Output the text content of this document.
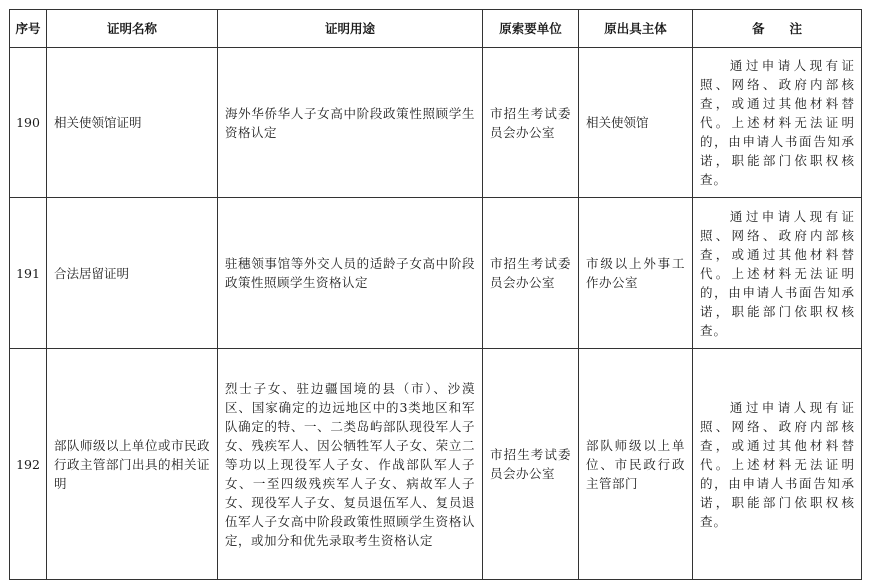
序号	证明名称	证明用途	原索要单位	原出具主体	备　　注
190	相关使领馆证明	海外华侨华人子女高中阶段政策性照顾学生资格认定	市招生考试委员会办公室	相关使领馆	通过申请人现有证照、网络、政府内部核查，或通过其他材料替代。上述材料无法证明的，由申请人书面告知承诺，职能部门依职权核查。
191	合法居留证明	驻穗领事馆等外交人员的适龄子女高中阶段政策性照顾学生资格认定	市招生考试委员会办公室	市级以上外事工作办公室	通过申请人现有证照、网络、政府内部核查，或通过其他材料替代。上述材料无法证明的，由申请人书面告知承诺，职能部门依职权核查。
192	部队师级以上单位或市民政行政主管部门出具的相关证明	烈士子女、驻边疆国境的县（市）、沙漠区、国家确定的边远地区中的3类地区和军队确定的特、一、二类岛屿部队现役军人子女、残疾军人、因公牺牲军人子女、荣立二等功以上现役军人子女、作战部队军人子女、一至四级残疾军人子女、病故军人子女、现役军人子女、复员退伍军人、复员退伍军人子女高中阶段政策性照顾学生资格认定，或加分和优先录取考生资格认定	市招生考试委员会办公室	部队师级以上单位、市民政行政主管部门	通过申请人现有证照、网络、政府内部核查，或通过其他材料替代。上述材料无法证明的，由申请人书面告知承诺，职能部门依职权核查。
